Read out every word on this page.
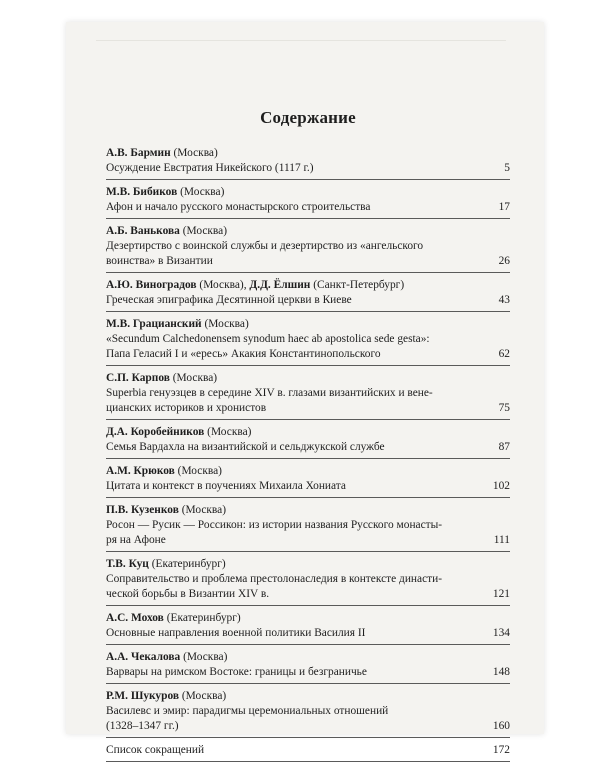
Содержание
А.В. Бармин (Москва)
Осуждение Евстратия Никейского (1117 г.)	5
М.В. Бибиков (Москва)
Афон и начало русского монастырского строительства	17
А.Б. Ванькова (Москва)
Дезертирство с воинской службы и дезертирство из «ангельского
воинства» в Византии	26
А.Ю. Виноградов (Москва), Д.Д. Ёлшин (Санкт-Петербург)
Греческая эпиграфика Десятинной церкви в Киеве	43
М.В. Грацианский (Москва)
«Secundum Calchedonensem synodum haec ab apostolica sede gesta»:
Папа Геласий I и «ересь» Акакия Константинопольского	62
С.П. Карпов (Москва)
Superbia генуэзцев в середине XIV в. глазами византийских и вене-
цианских историков и хронистов	75
Д.А. Коробейников (Москва)
Семья Вардахла на византийской и сельджукской службе	87
А.М. Крюков (Москва)
Цитата и контекст в поучениях Михаила Хониата	102
П.В. Кузенков (Москва)
Росон — Русик — Россикон: из истории названия Русского монасты-
ря на Афоне	111
Т.В. Куц (Екатеринбург)
Соправительство и проблема престолонаследия в контексте династи-
ческой борьбы в Византии XIV в.	121
А.С. Мохов (Екатеринбург)
Основные направления военной политики Василия II	134
А.А. Чекалова (Москва)
Варвары на римском Востоке: границы и безграничье	148
Р.М. Шукуров (Москва)
Василевс и эмир: парадигмы церемониальных отношений
(1328–1347 гг.)	160
Список сокращений	172
